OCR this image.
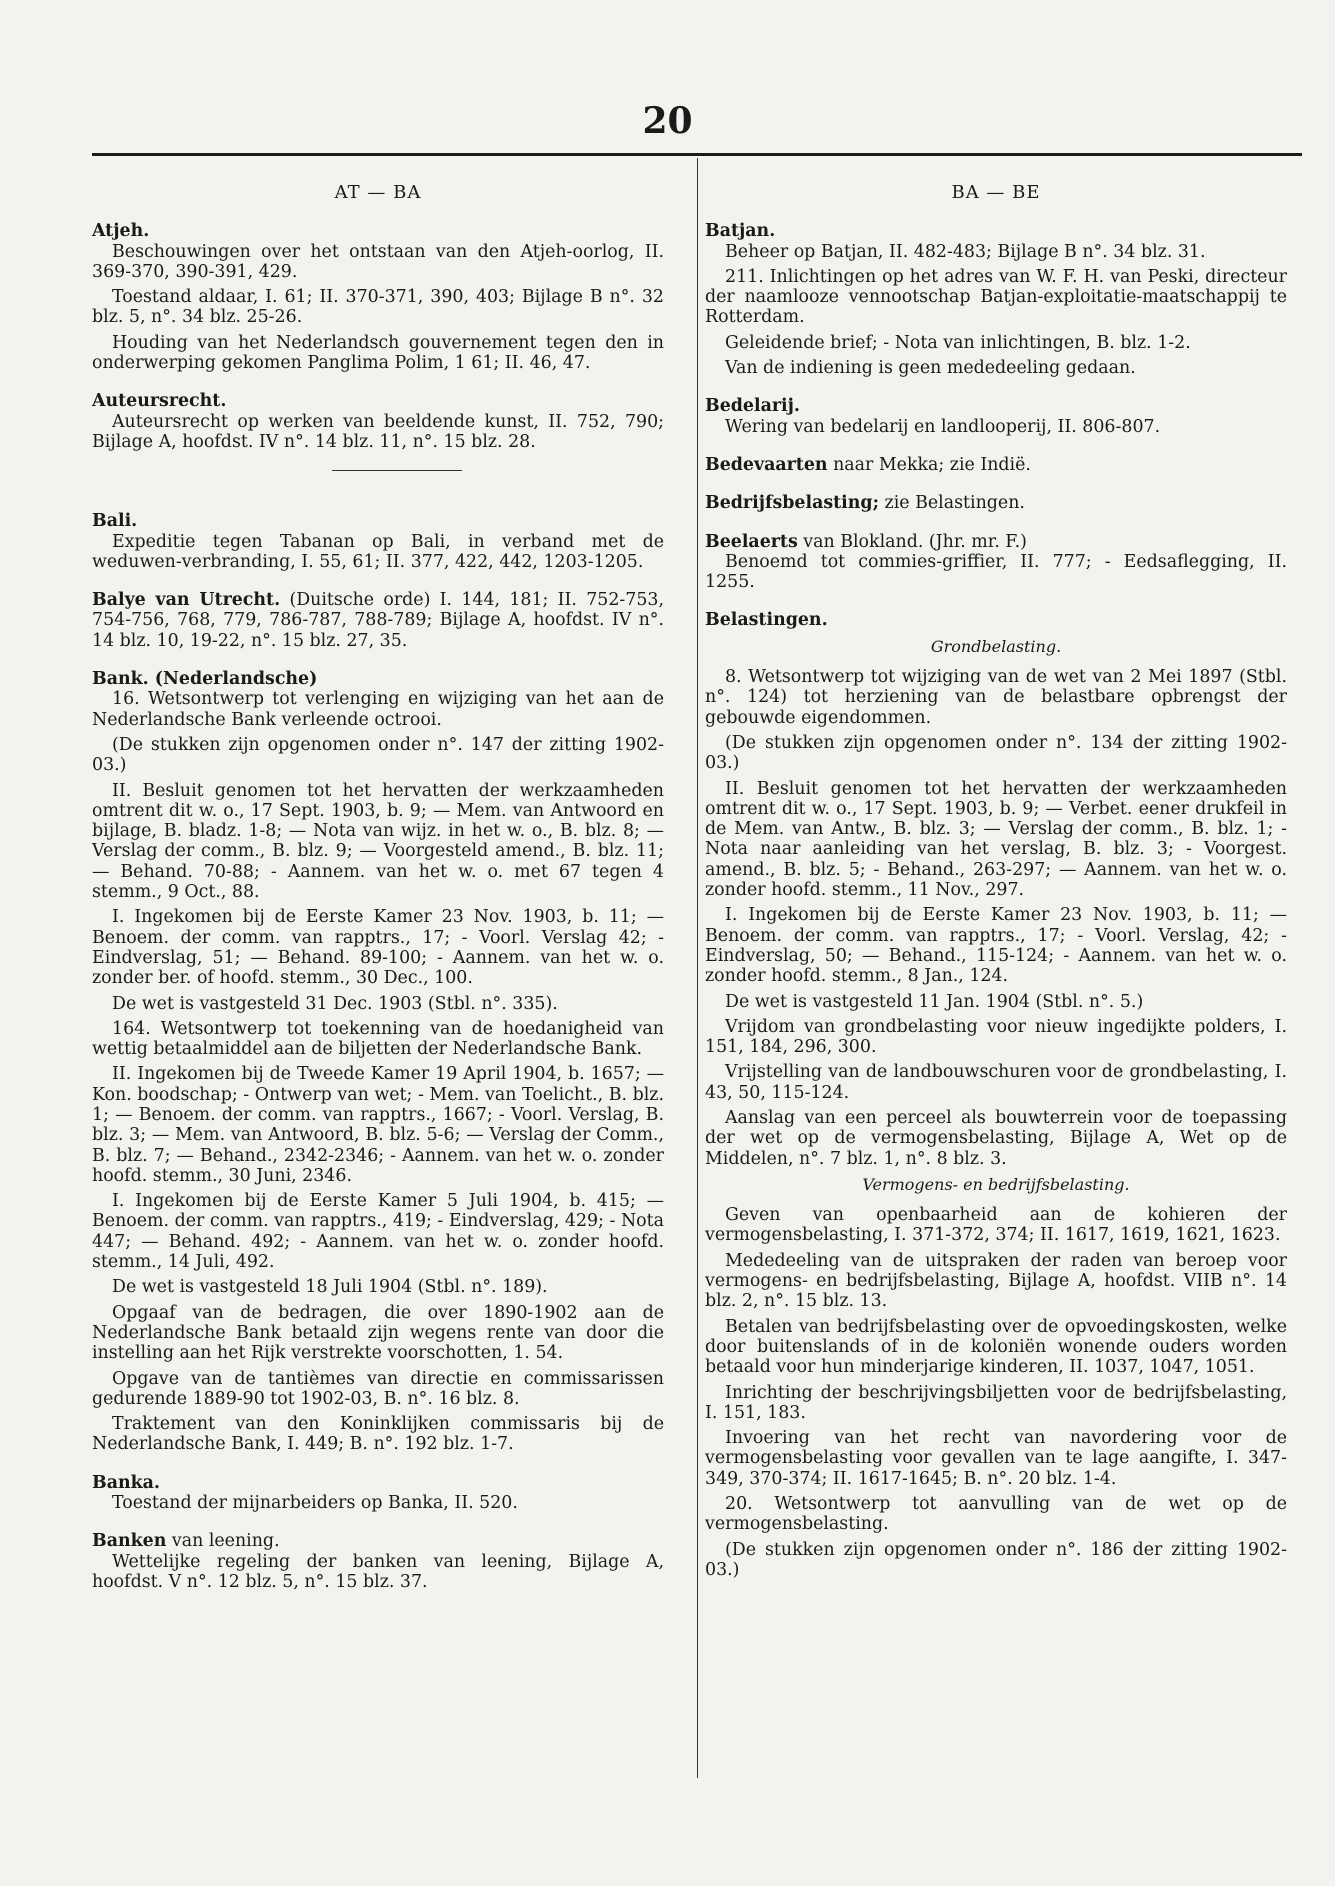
20
AT — BA
Atjeh.

Beschouwingen over het ontstaan van den Atjeh-oorlog, II. 369-370, 390-391, 429.

Toestand aldaar, I. 61; II. 370-371, 390, 403; Bijlage B n°. 32 blz. 5, n°. 34 blz. 25-26.

Houding van het Nederlandsch gouvernement tegen den in onderwerping gekomen Panglima Polim, 1 61; II. 46, 47.

Auteursrecht.

Auteursrecht op werken van beeldende kunst, II. 752, 790; Bijlage A, hoofdst. IV n°. 14 blz. 11, n°. 15 blz. 28.

Bali.

Expeditie tegen Tabanan op Bali, in verband met de weduwen-verbranding, I. 55, 61; II. 377, 422, 442, 1203-1205.

Balye van Utrecht. (Duitsche orde) I. 144, 181; II. 752-753, 754-756, 768, 779, 786-787, 788-789; Bijlage A, hoofdst. IV n°. 14 blz. 10, 19-22, n°. 15 blz. 27, 35.
Bank. (Nederlandsche)

16. Wetsontwerp tot verlenging en wijziging van het aan de Nederlandsche Bank verleende octrooi.

(De stukken zijn opgenomen onder n°. 147 der zitting 1902-03.)

II. Besluit genomen tot het hervatten der werkzaamheden omtrent dit w. o., 17 Sept. 1903, b. 9; — Mem. van Antwoord en bijlage, B. bladz. 1-8; — Nota van wijz. in het w. o., B. blz. 8; — Verslag der comm., B. blz. 9; — Voorgesteld amend., B. blz. 11; — Behand. 70-88; - Aannem. van het w. o. met 67 tegen 4 stemm., 9 Oct., 88.

I. Ingekomen bij de Eerste Kamer 23 Nov. 1903, b. 11; — Benoem. der comm. van rapptrs., 17; - Voorl. Verslag 42; - Eindverslag, 51; — Behand. 89-100; - Aannem. van het w. o. zonder ber. of hoofd. stemm., 30 Dec., 100.

De wet is vastgesteld 31 Dec. 1903 (Stbl. n°. 335).

164. Wetsontwerp tot toekenning van de hoedanigheid van wettig betaalmiddel aan de biljetten der Nederlandsche Bank.

II. Ingekomen bij de Tweede Kamer 19 April 1904, b. 1657; — Kon. boodschap; - Ontwerp van wet; - Mem. van Toelicht., B. blz. 1; — Benoem. der comm. van rapptrs., 1667; - Voorl. Verslag, B. blz. 3; — Mem. van Antwoord, B. blz. 5-6; — Verslag der Comm., B. blz. 7; — Behand., 2342-2346; - Aannem. van het w. o. zonder hoofd. stemm., 30 Juni, 2346.

I. Ingekomen bij de Eerste Kamer 5 Juli 1904, b. 415; — Benoem. der comm. van rapptrs., 419; - Eindverslag, 429; - Nota 447; — Behand. 492; - Aannem. van het w. o. zonder hoofd. stemm., 14 Juli, 492.

De wet is vastgesteld 18 Juli 1904 (Stbl. n°. 189).

Opgaaf van de bedragen, die over 1890-1902 aan de Nederlandsche Bank betaald zijn wegens rente van door die instelling aan het Rijk verstrekte voorschotten, 1. 54.

Opgave van de tantièmes van directie en commissarissen gedurende 1889-90 tot 1902-03, B. n°. 16 blz. 8.

Traktement van den Koninklijken commissaris bij de Nederlandsche Bank, I. 449; B. n°. 192 blz. 1-7.

Banka.

Toestand der mijnarbeiders op Banka, II. 520.

Banken van leening.

Wettelijke regeling der banken van leening, Bijlage A, hoofdst. V n°. 12 blz. 5, n°. 15 blz. 37.

BA — BE
Batjan.

Beheer op Batjan, II. 482-483; Bijlage B n°. 34 blz. 31.

211. Inlichtingen op het adres van W. F. H. van Peski, directeur der naamlooze vennootschap Batjan-exploitatie-maatschappij te Rotterdam.

Geleidende brief; - Nota van inlichtingen, B. blz. 1-2.

Van de indiening is geen mededeeling gedaan.

Bedelarij.

Wering van bedelarij en landlooperij, II. 806-807.

Bedevaarten naar Mekka; zie Indië.
Bedrijfsbelasting; zie Belastingen.
Beelaerts van Blokland. (Jhr. mr. F.)

Benoemd tot commies-griffier, II. 777; - Eedsaflegging, II. 1255.

Belastingen.
Grondbelasting.

8. Wetsontwerp tot wijziging van de wet van 2 Mei 1897 (Stbl. n°. 124) tot herziening van de belastbare opbrengst der gebouwde eigendommen.

(De stukken zijn opgenomen onder n°. 134 der zitting 1902-03.)

II. Besluit genomen tot het hervatten der werkzaamheden omtrent dit w. o., 17 Sept. 1903, b. 9; — Verbet. eener drukfeil in de Mem. van Antw., B. blz. 3; — Verslag der comm., B. blz. 1; - Nota naar aanleiding van het verslag, B. blz. 3; - Voorgest. amend., B. blz. 5; - Behand., 263-297; — Aannem. van het w. o. zonder hoofd. stemm., 11 Nov., 297.

I. Ingekomen bij de Eerste Kamer 23 Nov. 1903, b. 11; — Benoem. der comm. van rapptrs., 17; - Voorl. Verslag, 42; - Eindverslag, 50; — Behand., 115-124; - Aannem. van het w. o. zonder hoofd. stemm., 8 Jan., 124.

De wet is vastgesteld 11 Jan. 1904 (Stbl. n°. 5.)

Vrijdom van grondbelasting voor nieuw ingedijkte polders, I. 151, 184, 296, 300.

Vrijstelling van de landbouwschuren voor de grondbelasting, I. 43, 50, 115-124.

Aanslag van een perceel als bouwterrein voor de toepassing der wet op de vermogensbelasting, Bijlage A, Wet op de Middelen, n°. 7 blz. 1, n°. 8 blz. 3.

Vermogens- en bedrijfsbelasting.

Geven van openbaarheid aan de kohieren der vermogensbelasting, I. 371-372, 374; II. 1617, 1619, 1621, 1623.

Mededeeling van de uitspraken der raden van beroep voor vermogens- en bedrijfsbelasting, Bijlage A, hoofdst. VIIB n°. 14 blz. 2, n°. 15 blz. 13.

Betalen van bedrijfsbelasting over de opvoedingskosten, welke door buitenslands of in de koloniën wonende ouders worden betaald voor hun minderjarige kinderen, II. 1037, 1047, 1051.

Inrichting der beschrijvingsbiljetten voor de bedrijfsbelasting, I. 151, 183.

Invoering van het recht van navordering voor de vermogensbelasting voor gevallen van te lage aangifte, I. 347-349, 370-374; II. 1617-1645; B. n°. 20 blz. 1-4.

20. Wetsontwerp tot aanvulling van de wet op de vermogensbelasting.

(De stukken zijn opgenomen onder n°. 186 der zitting 1902-03.)
